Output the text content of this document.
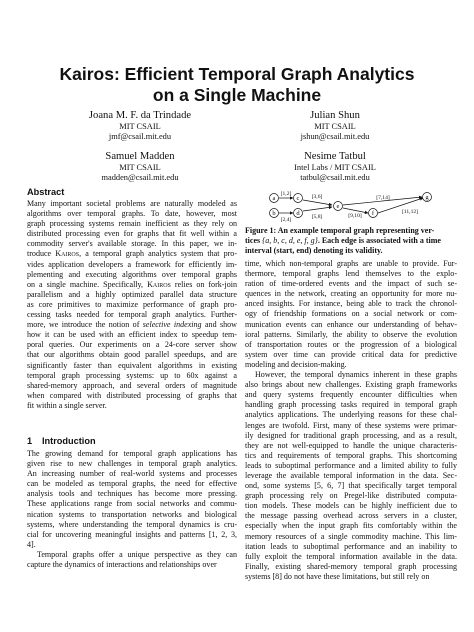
Kairos: Efficient Temporal Graph Analytics
on a Single Machine
Joana M. F. da Trindade
MIT CSAIL
jmf@csail.mit.edu
Julian Shun
MIT CSAIL
jshun@csail.mit.edu
Samuel Madden
MIT CSAIL
madden@csail.mit.edu
Nesime Tatbul
Intel Labs / MIT CSAIL
tatbul@csail.mit.edu
Abstract
Many important societal problems are naturally modeled as
algorithms over temporal graphs. To date, however, most
graph processing systems remain inefficient as they rely on
distributed processing even for graphs that fit well within a
commodity server's available storage. In this paper, we in-
troduce Kairos, a temporal graph analytics system that pro-
vides application developers a framework for efficiently im-
plementing and executing algorithms over temporal graphs
on a single machine. Specifically, Kairos relies on fork-join
parallelism and a highly optimized parallel data structure
as core primitives to maximize performance of graph pro-
cessing tasks needed for temporal graph analytics. Further-
more, we introduce the notion of selective indexing and show
how it can be used with an efficient index to speedup tem-
poral queries. Our experiments on a 24-core server show
that our algorithms obtain good parallel speedups, and are
significantly faster than equivalent algorithms in existing
temporal graph processing systems: up to 60x against a
shared-memory approach, and several orders of magnitude
when compared with distributed processing of graphs that
fit within a single server.
1 Introduction
The growing demand for temporal graph applications has
given rise to new challenges in temporal graph analytics.
An increasing number of real-world systems and processes
can be modeled as temporal graphs, the need for effective
analysis tools and techniques has become more pressing.
These applications range from social networks and commu-
nication systems to transportation networks and biological
systems, where understanding the temporal dynamics is cru-
cial for uncovering meaningful insights and patterns [1, 2, 3,
4].
Temporal graphs offer a unique perspective as they can
capture the dynamics of interactions and relationships over
a
b
c
d
e
f
g
[1,2]
[2,4]
[3,6]
[5,8]
[7,14]
[9,10]
[11,12]
Figure 1: An example temporal graph representing ver-
tices {a, b, c, d, e, f, g}. Each edge is associated with a time
interval (start, end) denoting its validity.
time, which non-temporal graphs are unable to provide. Fur-
thermore, temporal graphs lend themselves to the explo-
ration of time-ordered events and the impact of such se-
quences in the network, creating an opportunity for more nu-
anced insights. For instance, being able to track the chronol-
ogy of friendship formations on a social network or com-
munication events can enhance our understanding of behav-
ioral patterns. Similarly, the ability to observe the evolution
of transportation routes or the progression of a biological
system over time can provide critical data for predictive
modeling and decision-making.
However, the temporal dynamics inherent in these graphs
also brings about new challenges. Existing graph frameworks
and query systems frequently encounter difficulties when
handling graph processing tasks required in temporal graph
analytics applications. The underlying reasons for these chal-
lenges are twofold. First, many of these systems were primar-
ily designed for traditional graph processing, and as a result,
they are not well-equipped to handle the unique characteris-
tics and requirements of temporal graphs. This shortcoming
leads to suboptimal performance and a limited ability to fully
leverage the available temporal information in the data. Sec-
ond, some systems [5, 6, 7] that specifically target temporal
graph processing rely on Pregel-like distributed computa-
tion models. These models can be highly inefficient due to
the message passing overhead across servers in a cluster,
especially when the input graph fits comfortably within the
memory resources of a single commodity machine. This lim-
itation leads to suboptimal performance and an inability to
fully exploit the temporal information available in the data.
Finally, existing shared-memory temporal graph processing
systems [8] do not have these limitations, but still rely on
